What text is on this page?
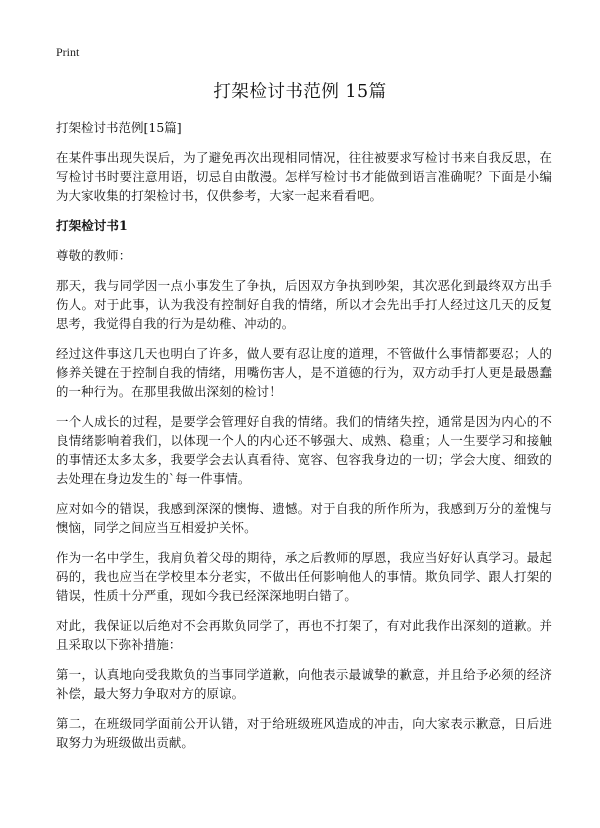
Print
打架检讨书范例 15篇

打架检讨书范例[15篇]

在某件事出现失误后，为了避免再次出现相同情况，往往被要求写检讨书来自我反思，在写检讨书时要注意用语，切忌自由散漫。怎样写检讨书才能做到语言准确呢？下面是小编为大家收集的打架检讨书，仅供参考，大家一起来看看吧。

打架检讨书1

尊敬的教师：

那天，我与同学因一点小事发生了争执，后因双方争执到吵架，其次恶化到最终双方出手伤人。对于此事，认为我没有控制好自我的情绪，所以才会先出手打人经过这几天的反复思考，我觉得自我的行为是幼稚、冲动的。

经过这件事这几天也明白了许多，做人要有忍让度的道理，不管做什么事情都要忍；人的修养关键在于控制自我的情绪，用嘴伤害人，是不道德的行为，双方动手打人更是最愚蠢的一种行为。在那里我做出深刻的检讨！

一个人成长的过程，是要学会管理好自我的情绪。我们的情绪失控，通常是因为内心的不良情绪影响着我们，以体现一个人的内心还不够强大、成熟、稳重；人一生要学习和接触的事情还太多太多，我要学会去认真看待、宽容、包容我身边的一切；学会大度、细致的去处理在身边发生的`每一件事情。

应对如今的错误，我感到深深的懊悔、遗憾。对于自我的所作所为，我感到万分的羞愧与懊恼，同学之间应当互相爱护关怀。

作为一名中学生，我肩负着父母的期待，承之后教师的厚恩，我应当好好认真学习。最起码的，我也应当在学校里本分老实，不做出任何影响他人的事情。欺负同学、跟人打架的错误，性质十分严重，现如今我已经深深地明白错了。

对此，我保证以后绝对不会再欺负同学了，再也不打架了，有对此我作出深刻的道歉。并且采取以下弥补措施：

第一，认真地向受我欺负的当事同学道歉，向他表示最诚挚的歉意，并且给予必须的经济补偿，最大努力争取对方的原谅。

第二，在班级同学面前公开认错，对于给班级班风造成的冲击，向大家表示歉意，日后进取努力为班级做出贡献。
